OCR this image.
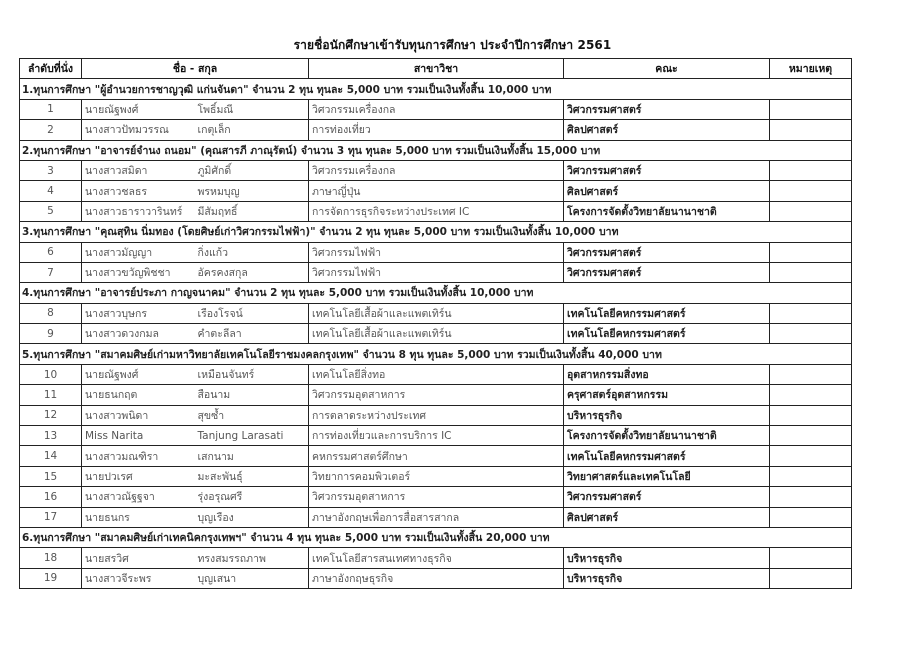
รายชื่อนักศึกษาเข้ารับทุนการศึกษา ประจำปีการศึกษา 2561
ลำดับที่นั่ง	ชื่อ - สกุล		สาขาวิชา	คณะ	หมายเหตุ
1.ทุนการศึกษา "ผู้อำนวยการชาญวุฒิ แก่นจันดา" จำนวน 2 ทุน ทุนละ 5,000 บาท รวมเป็นเงินทั้งสิ้น 10,000 บาท					
1	นายณัฐพงศ์	โพธิ์มณี	วิศวกรรมเครื่องกล	วิศวกรรมศาสตร์	
2	นางสาวปัทมวรรณ	เกตุเล็ก	การท่องเที่ยว	ศิลปศาสตร์	
2.ทุนการศึกษา "อาจารย์จำนง ถนอม" (คุณสารภี ภาณุรัตน์) จำนวน 3 ทุน ทุนละ 5,000 บาท รวมเป็นเงินทั้งสิ้น 15,000 บาท					
3	นางสาวสมิดา	ภูมิศักดิ์	วิศวกรรมเครื่องกล	วิศวกรรมศาสตร์	
4	นางสาวชลธร	พรหมบุญ	ภาษาญี่ปุ่น	ศิลปศาสตร์	
5	นางสาวธาราวารินทร์	มีสัมฤทธิ์	การจัดการธุรกิจระหว่างประเทศ IC	โครงการจัดตั้งวิทยาลัยนานาชาติ	
3.ทุนการศึกษา "คุณสุทิน นิ่มทอง (โดยศิษย์เก่าวิศวกรรมไฟฟ้า)" จำนวน 2 ทุน ทุนละ 5,000 บาท รวมเป็นเงินทั้งสิ้น 10,000 บาท					
6	นางสาวมัญญา	กิ่งแก้ว	วิศวกรรมไฟฟ้า	วิศวกรรมศาสตร์	
7	นางสาวขวัญพิชชา	อัครคงสกุล	วิศวกรรมไฟฟ้า	วิศวกรรมศาสตร์	
4.ทุนการศึกษา "อาจารย์ประภา กาญจนาคม" จำนวน 2 ทุน ทุนละ 5,000 บาท รวมเป็นเงินทั้งสิ้น 10,000 บาท					
8	นางสาวบุษกร	เรืองโรจน์	เทคโนโลยีเสื้อผ้าและแพตเทิร์น	เทคโนโลยีคหกรรมศาสตร์	
9	นางสาวดวงกมล	คำตะลีลา	เทคโนโลยีเสื้อผ้าและแพตเทิร์น	เทคโนโลยีคหกรรมศาสตร์	
5.ทุนการศึกษา "สมาคมศิษย์เก่ามหาวิทยาลัยเทคโนโลยีราชมงคลกรุงเทพ" จำนวน 8 ทุน ทุนละ 5,000 บาท รวมเป็นเงินทั้งสิ้น 40,000 บาท					
10	นายณัฐพงศ์	เหมือนจันทร์	เทคโนโลยีสิ่งทอ	อุตสาหกรรมสิ่งทอ	
11	นายธนกฤต	สือนาม	วิศวกรรมอุตสาหการ	ครุศาสตร์อุตสาหกรรม	
12	นางสาวพนิดา	สุขซ้ำ	การตลาดระหว่างประเทศ	บริหารธุรกิจ	
13	Miss Narita	Tanjung Larasati	การท่องเที่ยวและการบริการ IC	โครงการจัดตั้งวิทยาลัยนานาชาติ	
14	นางสาวมณฑิรา	เสกนาม	คหกรรมศาสตร์ศึกษา	เทคโนโลยีคหกรรมศาสตร์	
15	นายปวเรศ	มะสะพันธุ์	วิทยาการคอมพิวเตอร์	วิทยาศาสตร์และเทคโนโลยี	
16	นางสาวณัฐฐจา	รุ่งอรุณศรี	วิศวกรรมอุตสาหการ	วิศวกรรมศาสตร์	
17	นายธนกร	บุญเรือง	ภาษาอังกฤษเพื่อการสื่อสารสากล	ศิลปศาสตร์	
6.ทุนการศึกษา "สมาคมศิษย์เก่าเทคนิคกรุงเทพฯ" จำนวน 4 ทุน ทุนละ 5,000 บาท รวมเป็นเงินทั้งสิ้น 20,000 บาท					
18	นายสรวิศ	ทรงสมรรถภาพ	เทคโนโลยีสารสนเทศทางธุรกิจ	บริหารธุรกิจ	
19	นางสาวจีระพร	บุญเสนา	ภาษาอังกฤษธุรกิจ	บริหารธุรกิจ	
